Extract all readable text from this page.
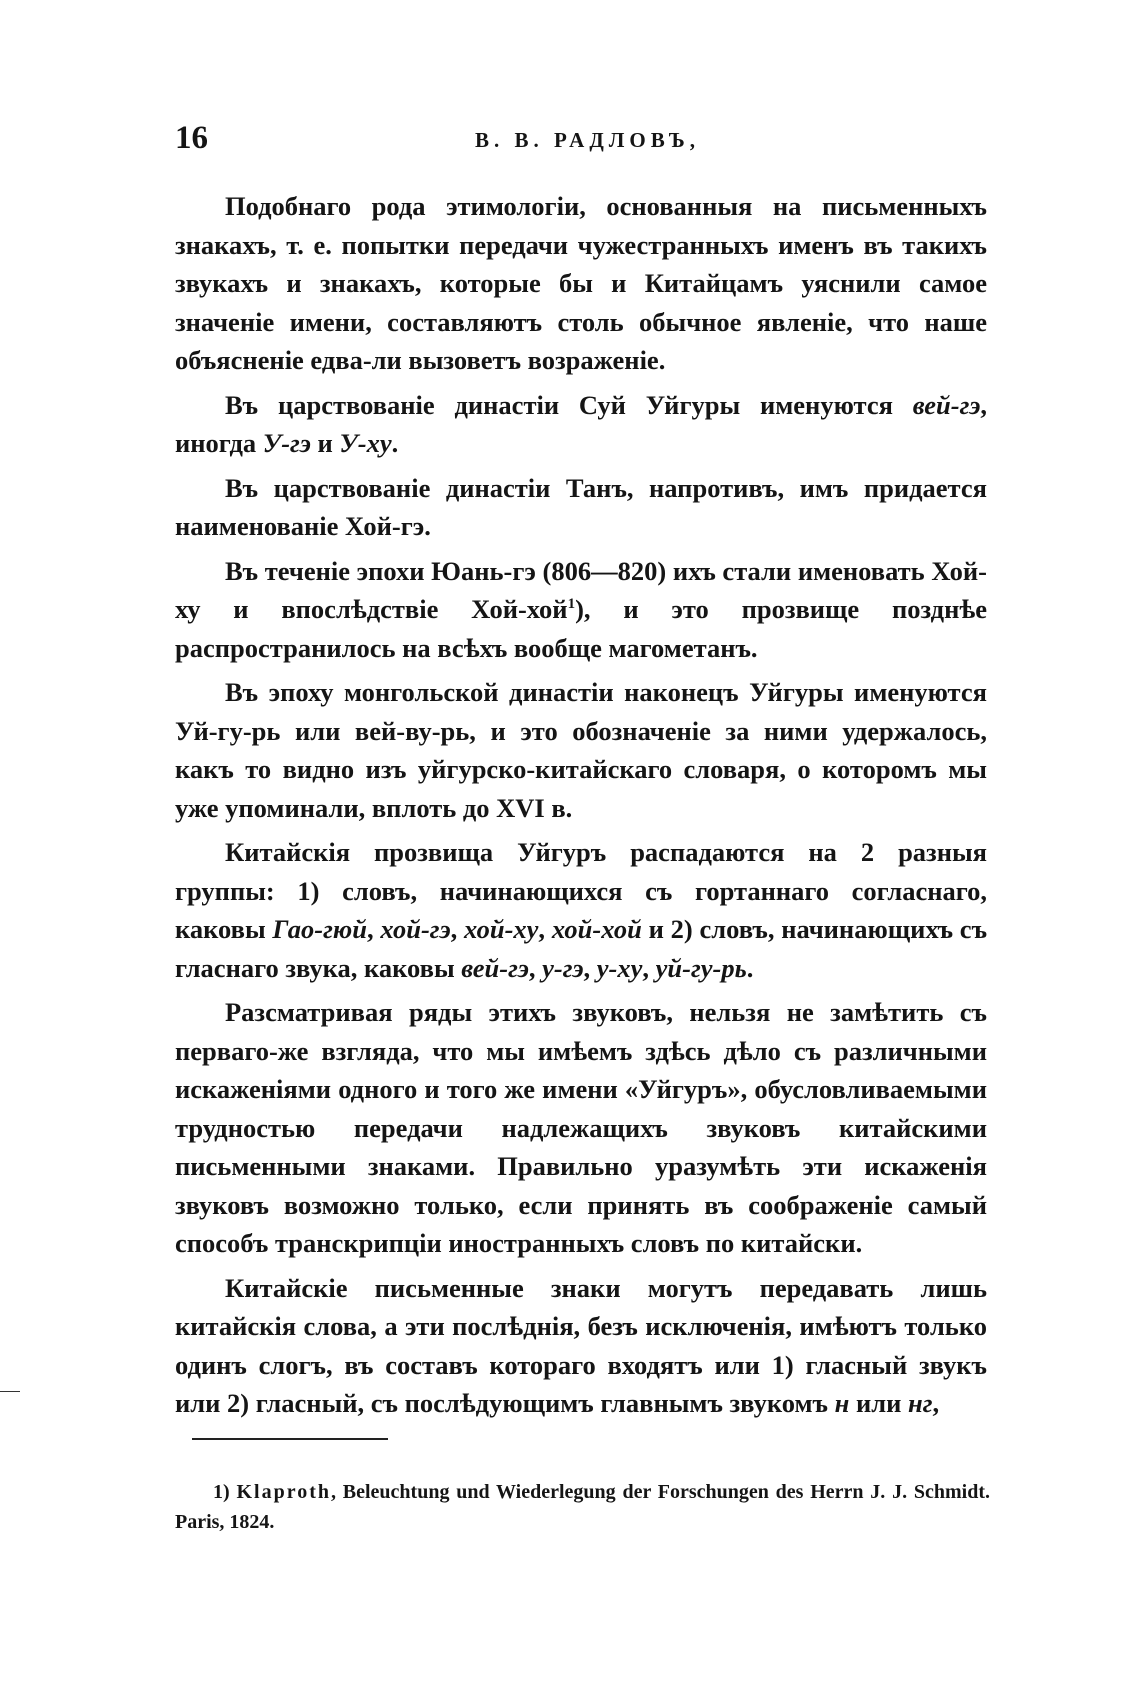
16	В. В. РАДЛОВЪ,

Подобнаго рода этимологіи, основанныя на письменныхъ знакахъ, т. е. попытки передачи чужестранныхъ именъ въ такихъ звукахъ и знакахъ, которые бы и Китайцамъ уяснили самое значеніе имени, составляютъ столь обычное явленіе, что наше объясненіе едва-ли вызоветъ возраженіе.

Въ царствованіе династіи Суй Уйгуры именуются вей-гэ, иногда У-гэ и У-ху.

Въ царствованіе династіи Танъ, напротивъ, имъ придается наименованіе Хой-гэ.

Въ теченіе эпохи Юань-гэ (806—820) ихъ стали именовать Хой-ху и впослѣдствіе Хой-хой$^1$), и это прозвище позднѣе распространилось на всѣхъ вообще магометанъ.

Въ эпоху монгольской династіи наконецъ Уйгуры именуются Уй-гу-рь или вей-ву-рь, и это обозначеніе за ними удержалось, какъ то видно изъ уйгурско-китайскаго словаря, о которомъ мы уже упоминали, вплоть до XVI в.

Китайскія прозвища Уйгуръ распадаются на 2 разныя группы: 1) словъ, начинающихся съ гортаннаго согласнаго, каковы Гао-гюй, хой-гэ, хой-ху, хой-хой и 2) словъ, начинающихъ съ гласнаго звука, каковы вей-гэ, у-гэ, у-ху, уй-гу-рь.

Разсматривая ряды этихъ звуковъ, нельзя не замѣтить съ перваго-же взгляда, что мы имѣемъ здѣсь дѣло съ различными искаженіями одного и того же имени «Уйгуръ», обусловливаемыми трудностью передачи надлежащихъ звуковъ китайскими письменными знаками. Правильно уразумѣть эти искаженія звуковъ возможно только, если принять въ соображеніе самый способъ транскрипціи иностранныхъ словъ по китайски.

Китайскіе письменные знаки могутъ передавать лишь китайскія слова, а эти послѣднія, безъ исключенія, имѣютъ только одинъ слогъ, въ составъ котораго входятъ или 1) гласный звукъ или 2) гласный, съ послѣдующимъ главнымъ звукомъ н или нг,

1) Klaproth, Beleuchtung und Wiederlegung der Forschungen des Herrn J. J. Schmidt. Paris, 1824.
